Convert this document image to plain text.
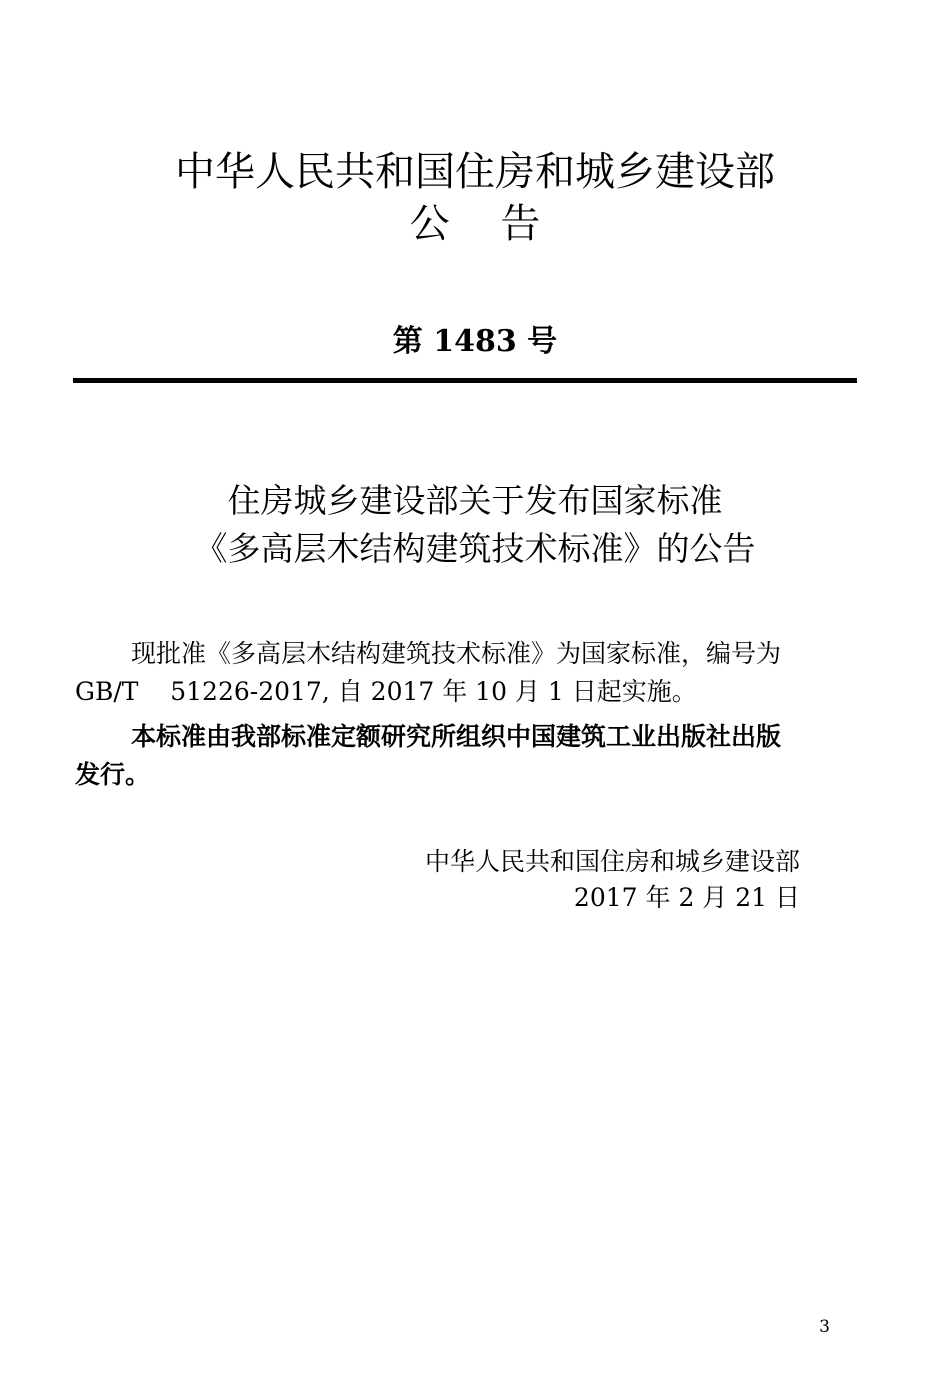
中华人民共和国住房和城乡建设部
公    告
第 1483 号
住房城乡建设部关于发布国家标准
《多高层木结构建筑技术标准》的公告
现批准《多高层木结构建筑技术标准》为国家标准，编号为
GB/T    51226-2017, 自 2017 年 10 月 1 日起实施。
本标准由我部标准定额研究所组织中国建筑工业出版社出版
发行。
中华人民共和国住房和城乡建设部
2017 年 2 月 21 日
3
